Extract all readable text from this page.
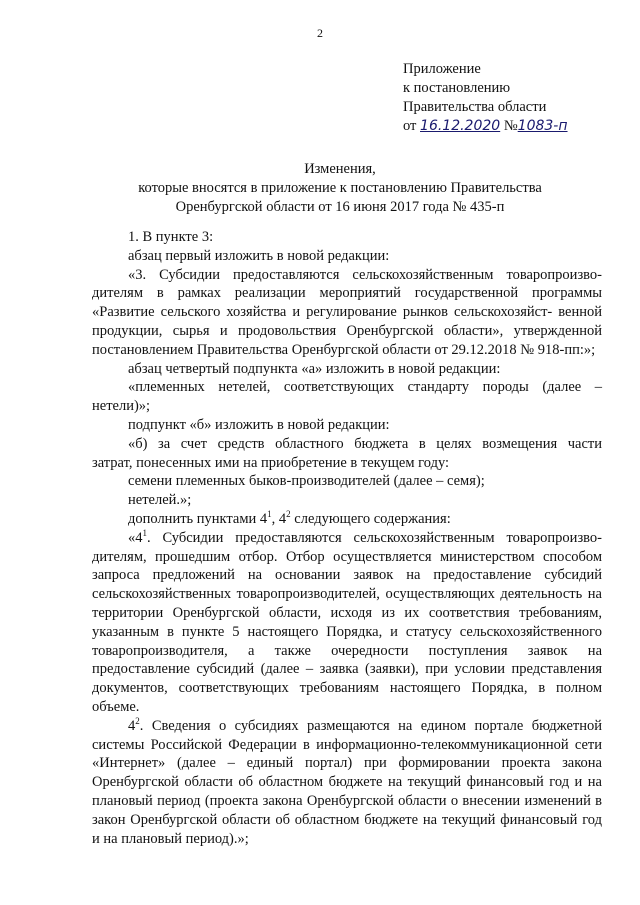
2
Приложение
к постановлению
Правительства области
от 16.12.2020 №1083-п
Изменения,
которые вносятся в приложение к постановлению Правительства
Оренбургской области от 16 июня 2017 года № 435-п

1. В пункте 3:

абзац первый изложить в новой редакции:

«3. Субсидии предоставляются сельскохозяйственным товаропроизво-

дителям в рамках реализации мероприятий государственной программы «Развитие сельского хозяйства и регулирование рынков сельскохозяйст- венной продукции, сырья и продовольствия Оренбургской области», утвержденной постановлением Правительства Оренбургской области от 29.12.2018 № 918-пп:»;

абзац четвертый подпункта «а» изложить в новой редакции:

«племенных нетелей, соответствующих стандарту породы (далее –

нетели)»;

подпункт «б» изложить в новой редакции:

«б) за счет средств областного бюджета в целях возмещения части

затрат, понесенных ими на приобретение в текущем году:

семени племенных быков-производителей (далее – семя);

нетелей.»;

дополнить пунктами $4^1$, $4^2$ следующего содержания:

«$4^1$. Субсидии предоставляются сельскохозяйственным товаропроизво-

дителям, прошедшим отбор. Отбор осуществляется министерством способом запроса предложений на основании заявок на предоставление субсидий сельскохозяйственных товаропроизводителей, осуществляющих деятельность на территории Оренбургской области, исходя из их соответствия требованиям, указанным в пункте 5 настоящего Порядка, и статусу сельскохозяйственного товаропроизводителя, а также очередности поступления заявок на предоставление субсидий (далее – заявка (заявки), при условии представления документов, соответствующих требованиям настоящего Порядка, в полном объеме.

$4^2$. Сведения о субсидиях размещаются на едином портале бюджетной

системы Российской Федерации в информационно-телекоммуникационной сети «Интернет» (далее – единый портал) при формировании проекта закона Оренбургской области об областном бюджете на текущий финансовый год и на плановый период (проекта закона Оренбургской области о внесении изменений в закон Оренбургской области об областном бюджете на текущий финансовый год и на плановый период).»;
